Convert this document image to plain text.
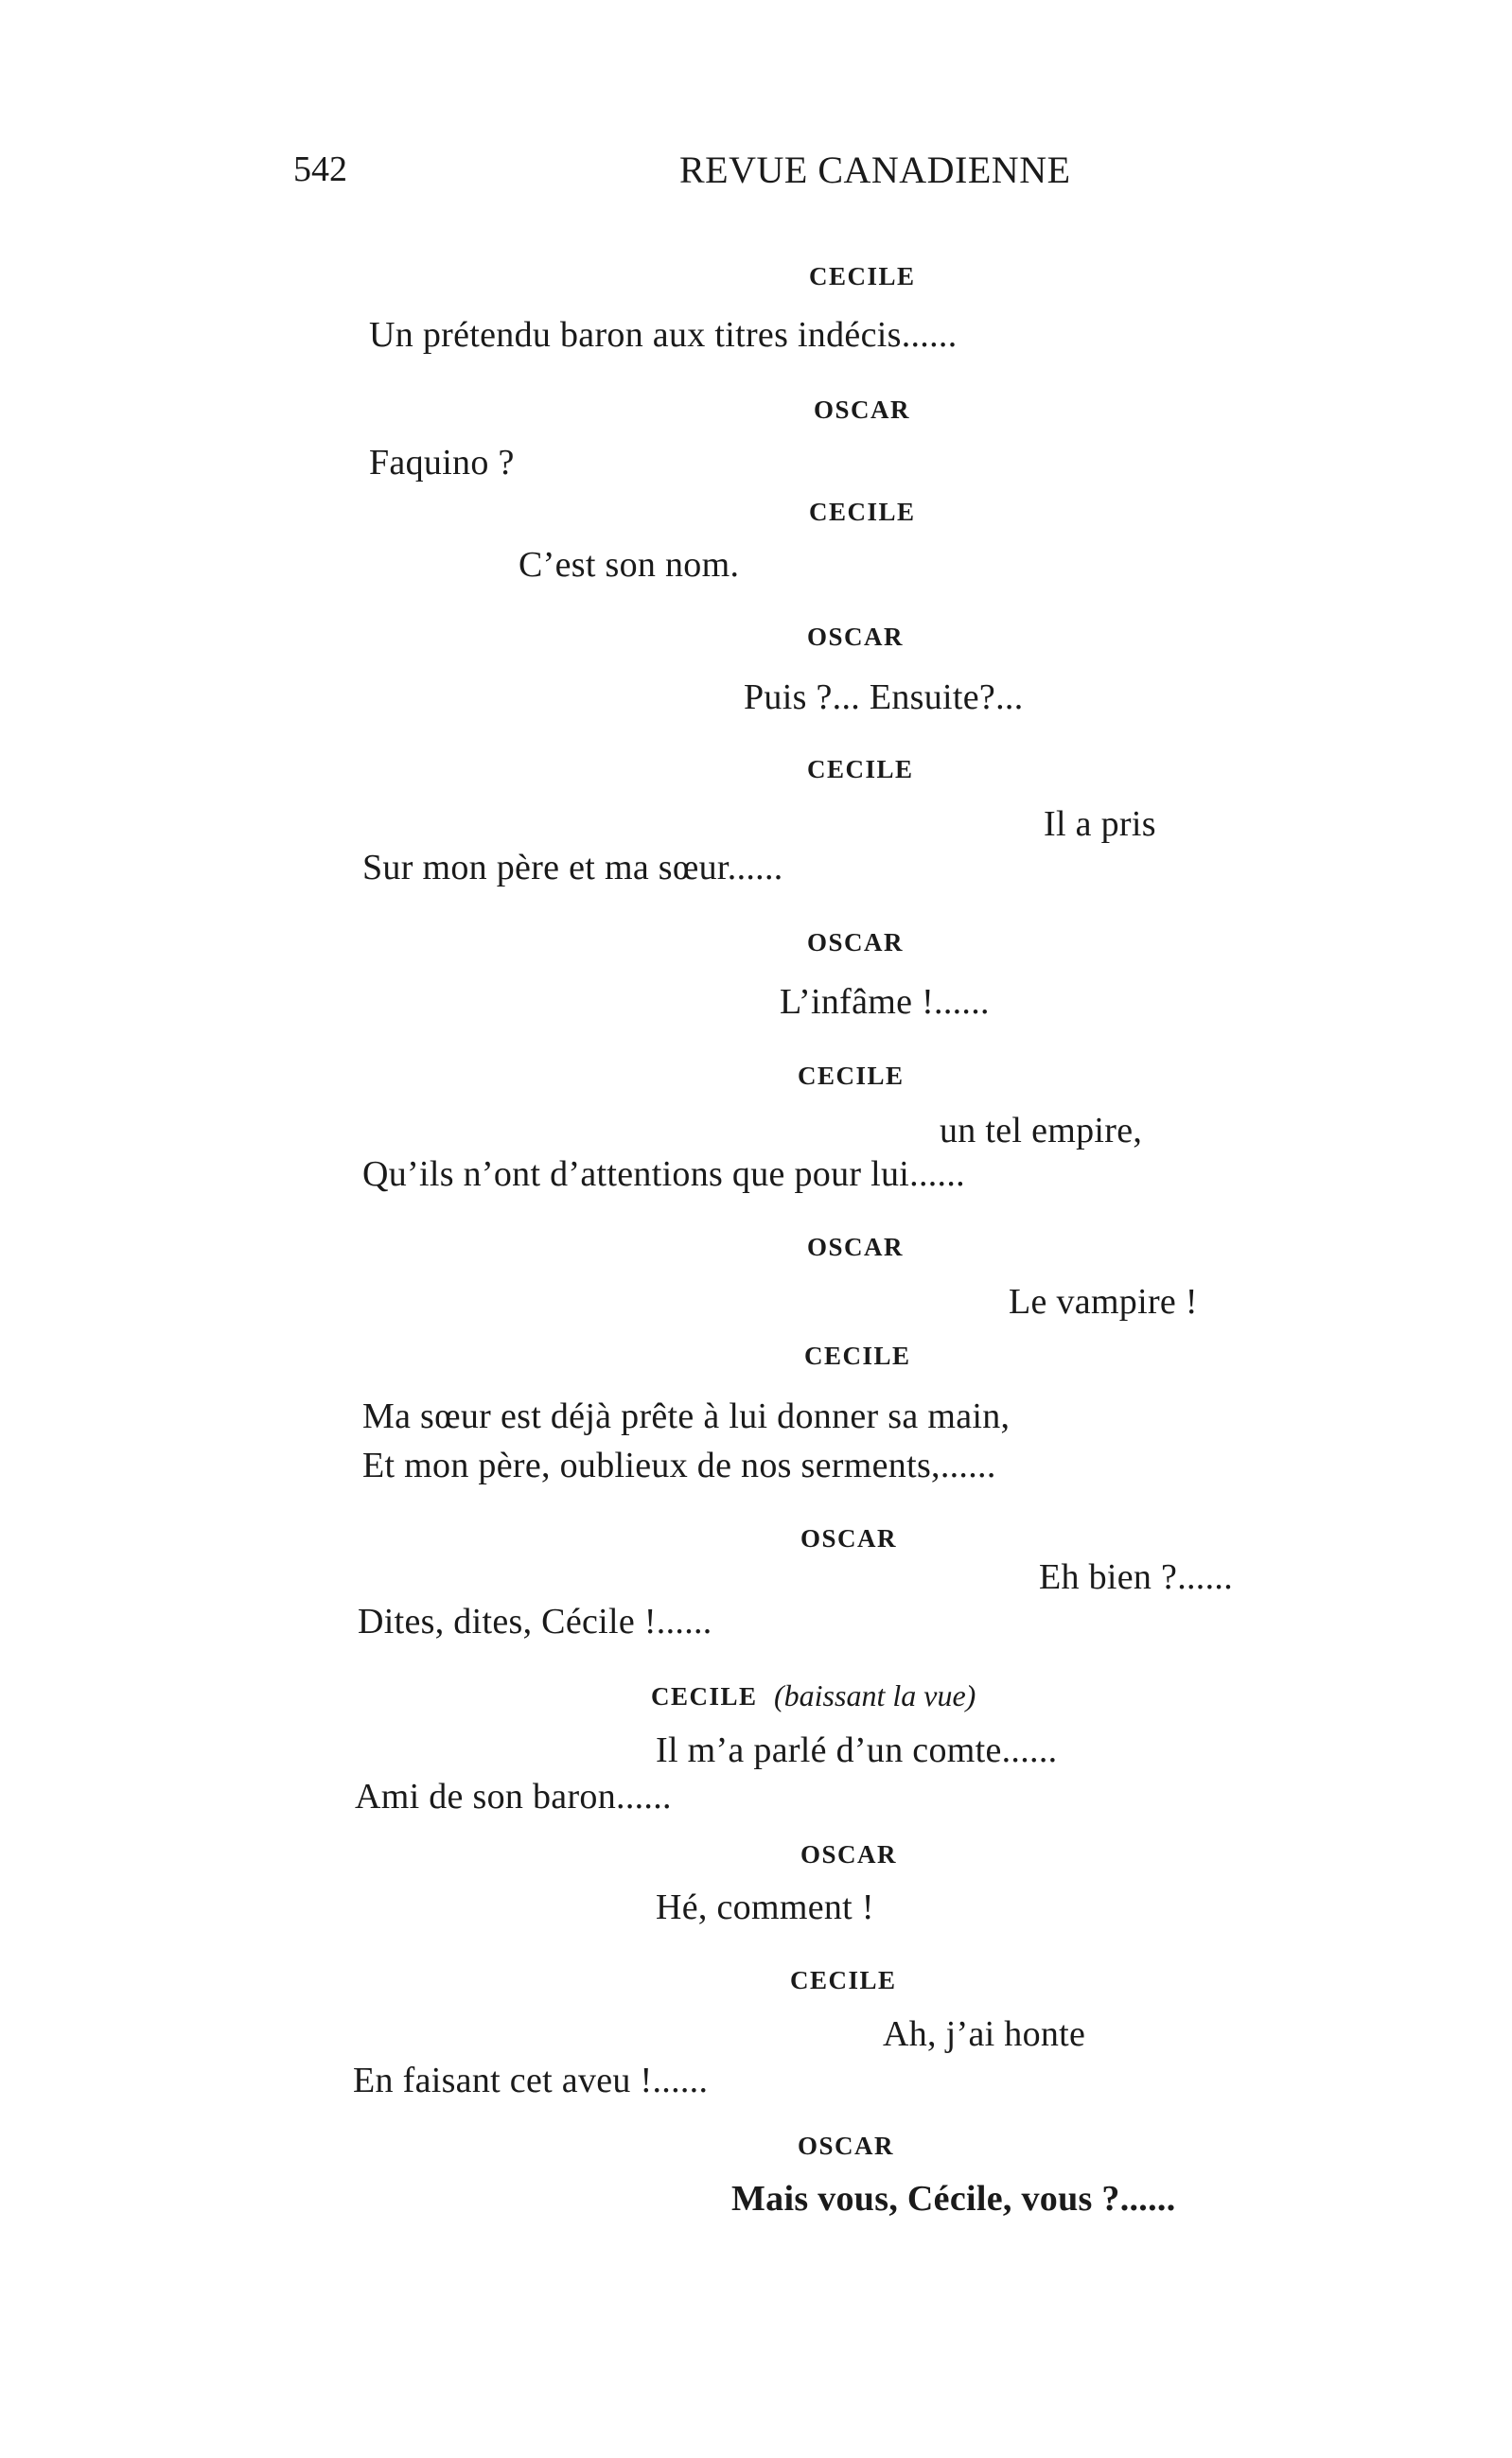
542	REVUE CANADIENNE
CECILE
Un prétendu baron aux titres indécis......
OSCAR
Faquino ?
CECILE
C’est son nom.
OSCAR
Puis ?... Ensuite?...
CECILE
Il a pris
Sur mon père et ma sœur......
OSCAR
L’infâme !......
CECILE
un tel empire,
Qu’ils n’ont d’attentions que pour lui......
OSCAR
Le vampire !
CECILE
Ma sœur est déjà prête à lui donner sa main,
Et mon père, oublieux de nos serments,......
OSCAR
Eh bien ?......
Dites, dites, Cécile !......
CECILE (baissant la vue)
Il m’a parlé d’un comte......
Ami de son baron......
OSCAR
Hé, comment !
CECILE
Ah, j’ai honte
En faisant cet aveu !......
OSCAR
Mais vous, Cécile, vous ?......
